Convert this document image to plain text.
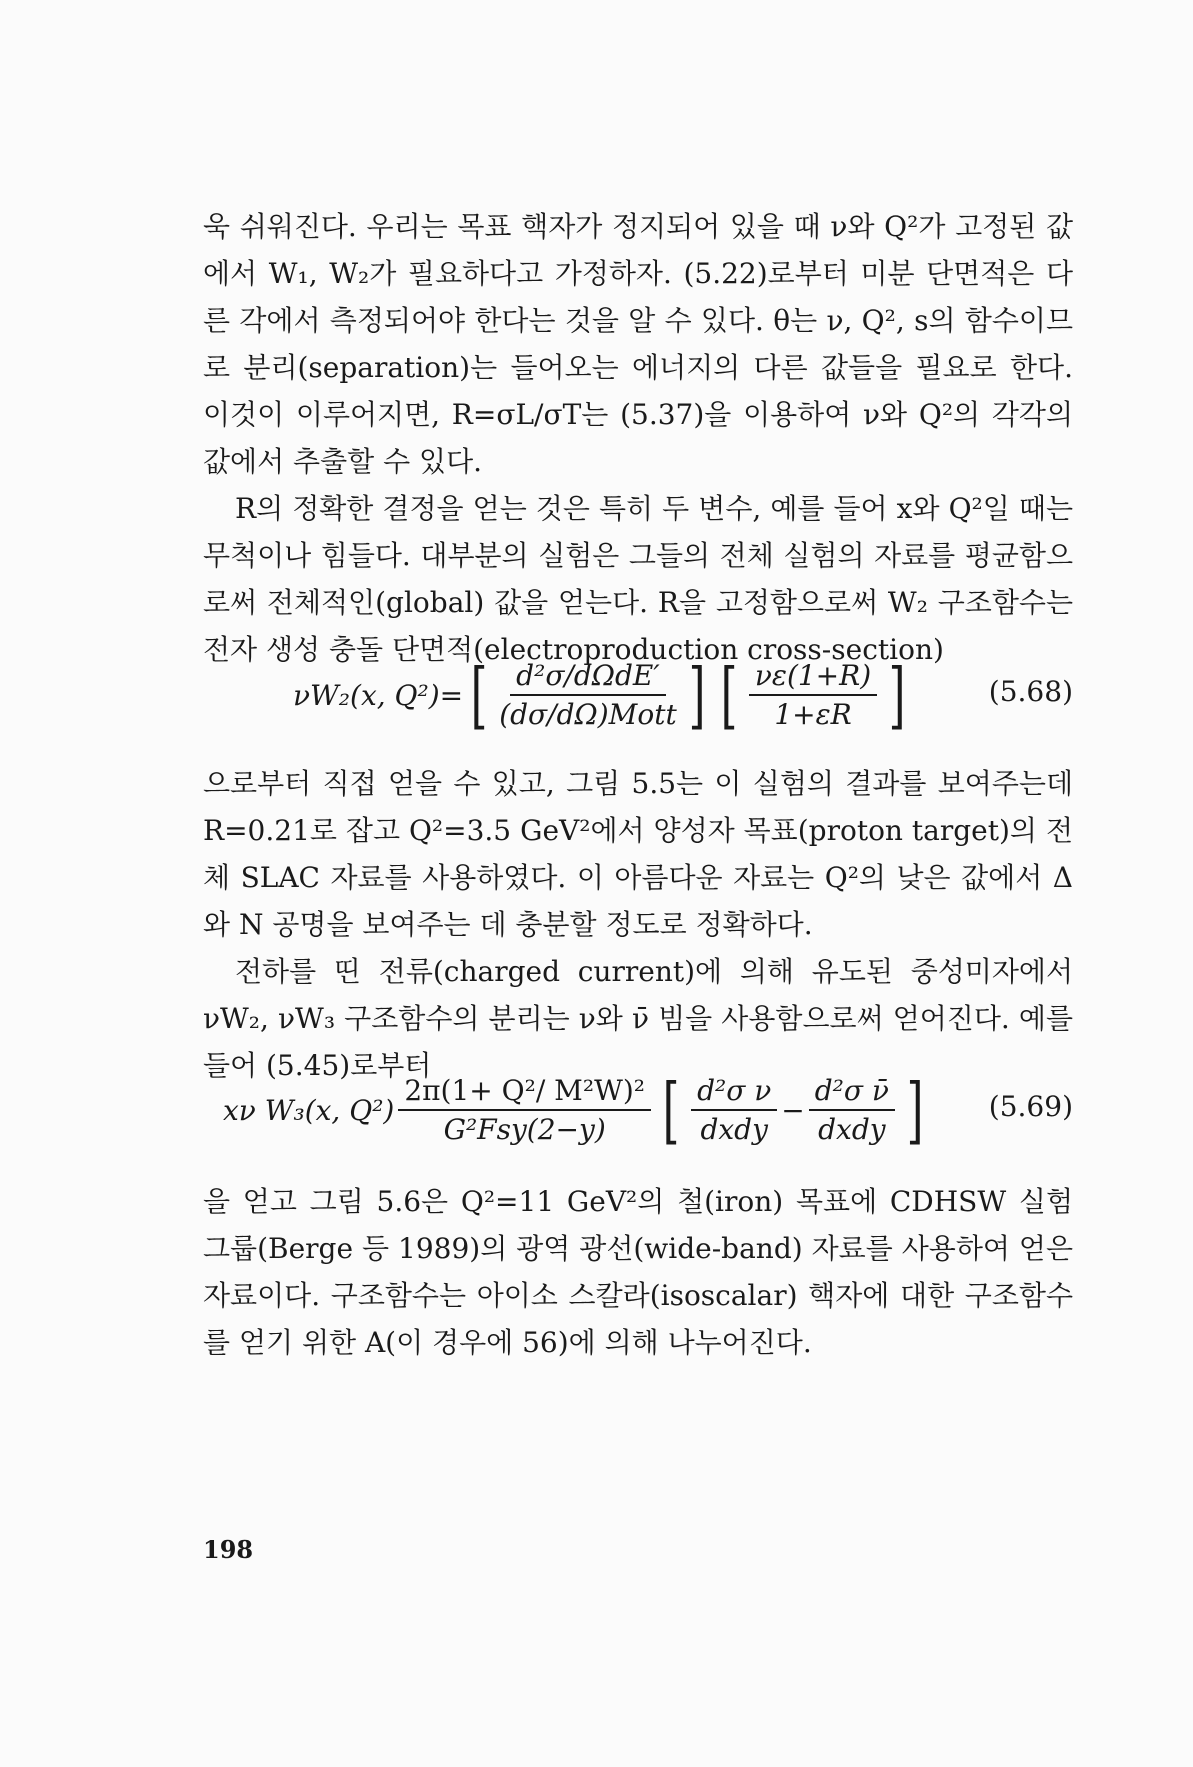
욱 쉬워진다. 우리는 목표 핵자가 정지되어 있을 때 ν와 Q²가 고정된 값에서 W₁, W₂가 필요하다고 가정하자. (5.22)로부터 미분 단면적은 다른 각에서 측정되어야 한다는 것을 알 수 있다. θ는 ν, Q², s의 함수이므로 분리(separation)는 들어오는 에너지의 다른 값들을 필요로 한다. 이것이 이루어지면, R=σL/σT는 (5.37)을 이용하여 ν와 Q²의 각각의 값에서 추출할 수 있다.

R의 정확한 결정을 얻는 것은 특히 두 변수, 예를 들어 x와 Q²일 때는 무척이나 힘들다. 대부분의 실험은 그들의 전체 실험의 자료를 평균함으로써 전체적인(global) 값을 얻는다. R을 고정함으로써 W₂ 구조함수는 전자 생성 충돌 단면적(electroproduction cross-section)

νW₂(x, Q²)= [ $\frac{\text{d²σ/dΩdE′}}{\text{(dσ/dΩ)Mott}}$ ] [ $\frac{\nu\varepsilon(1+R)}{1+\varepsilon R}$ ]	(5.68)

으로부터 직접 얻을 수 있고, 그림 5.5는 이 실험의 결과를 보여주는데 R=0.21로 잡고 Q²=3.5 GeV²에서 양성자 목표(proton target)의 전체 SLAC 자료를 사용하였다. 이 아름다운 자료는 Q²의 낮은 값에서 Δ와 N 공명을 보여주는 데 충분할 정도로 정확하다.

전하를 띤 전류(charged current)에 의해 유도된 중성미자에서 νW₂, νW₃ 구조함수의 분리는 ν와 ν̄ 빔을 사용함으로써 얻어진다. 예를 들어 (5.45)로부터

xν W₃(x, $Q^2) \frac{\text{2π(1+ Q²/ M²W)²}}{\text{G²Fsy(2−y)}}$ [ $\frac{\text{d²σ ν}}{\text{dxdy}} - \frac{\text{d²σ ν̄}}{\text{dxdy}}$ ] (5.69)

을 얻고 그림 5.6은 Q²=11 GeV²의 철(iron) 목표에 CDHSW 실험 그룹(Berge 등 1989)의 광역 광선(wide-band) 자료를 사용하여 얻은 자료이다. 구조함수는 아이소 스칼라(isoscalar) 핵자에 대한 구조함수를 얻기 위한 A(이 경우에 56)에 의해 나누어진다.

198
